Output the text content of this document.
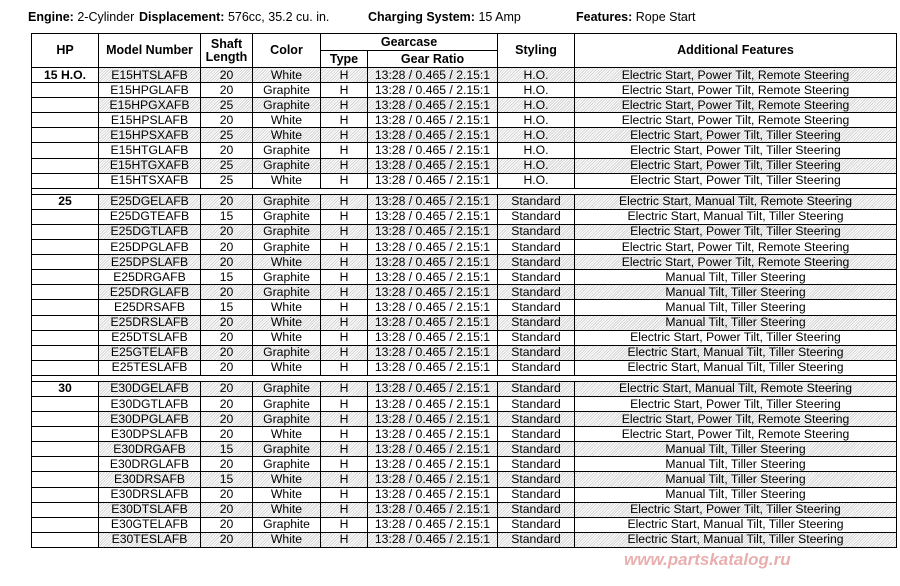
Engine: 2-Cylinder Displacement: 576cc, 35.2 cu. in.	Charging System: 15 Amp	Features: Rope Start
HP	Model Number	Shaft
Length	Color	Gearcase		Styling	Additional Features
				Type	Gear Ratio		
15 H.O.	E15HTSLAFB	20	White	H	13:28 / 0.465 / 2.15:1	H.O.	Electric Start, Power Tilt, Remote Steering
	E15HPGLAFB	20	Graphite	H	13:28 / 0.465 / 2.15:1	H.O.	Electric Start, Power Tilt, Remote Steering
	E15HPGXAFB	25	Graphite	H	13:28 / 0.465 / 2.15:1	H.O.	Electric Start, Power Tilt, Remote Steering
	E15HPSLAFB	20	White	H	13:28 / 0.465 / 2.15:1	H.O.	Electric Start, Power Tilt, Remote Steering
	E15HPSXAFB	25	White	H	13:28 / 0.465 / 2.15:1	H.O.	Electric Start, Power Tilt, Tiller Steering
	E15HTGLAFB	20	Graphite	H	13:28 / 0.465 / 2.15:1	H.O.	Electric Start, Power Tilt, Tiller Steering
	E15HTGXAFB	25	Graphite	H	13:28 / 0.465 / 2.15:1	H.O.	Electric Start, Power Tilt, Tiller Steering
	E15HTSXAFB	25	White	H	13:28 / 0.465 / 2.15:1	H.O.	Electric Start, Power Tilt, Tiller Steering

25	E25DGELAFB	20	Graphite	H	13:28 / 0.465 / 2.15:1	Standard	Electric Start, Manual Tilt, Remote Steering
	E25DGTEAFB	15	Graphite	H	13:28 / 0.465 / 2.15:1	Standard	Electric Start, Manual Tilt, Tiller Steering
	E25DGTLAFB	20	Graphite	H	13:28 / 0.465 / 2.15:1	Standard	Electric Start, Power Tilt, Tiller Steering
	E25DPGLAFB	20	Graphite	H	13:28 / 0.465 / 2.15:1	Standard	Electric Start, Power Tilt, Remote Steering
	E25DPSLAFB	20	White	H	13:28 / 0.465 / 2.15:1	Standard	Electric Start, Power Tilt, Remote Steering
	E25DRGAFB	15	Graphite	H	13:28 / 0.465 / 2.15:1	Standard	Manual Tilt, Tiller Steering
	E25DRGLAFB	20	Graphite	H	13:28 / 0.465 / 2.15:1	Standard	Manual Tilt, Tiller Steering
	E25DRSAFB	15	White	H	13:28 / 0.465 / 2.15:1	Standard	Manual Tilt, Tiller Steering
	E25DRSLAFB	20	White	H	13:28 / 0.465 / 2.15:1	Standard	Manual Tilt, Tiller Steering
	E25DTSLAFB	20	White	H	13:28 / 0.465 / 2.15:1	Standard	Electric Start, Power Tilt, Tiller Steering
	E25GTELAFB	20	Graphite	H	13:28 / 0.465 / 2.15:1	Standard	Electric Start, Manual Tilt, Tiller Steering
	E25TESLAFB	20	White	H	13:28 / 0.465 / 2.15:1	Standard	Electric Start, Manual Tilt, Tiller Steering

30	E30DGELAFB	20	Graphite	H	13:28 / 0.465 / 2.15:1	Standard	Electric Start, Manual Tilt, Remote Steering
	E30DGTLAFB	20	Graphite	H	13:28 / 0.465 / 2.15:1	Standard	Electric Start, Power Tilt, Tiller Steering
	E30DPGLAFB	20	Graphite	H	13:28 / 0.465 / 2.15:1	Standard	Electric Start, Power Tilt, Remote Steering
	E30DPSLAFB	20	White	H	13:28 / 0.465 / 2.15:1	Standard	Electric Start, Power Tilt, Remote Steering
	E30DRGAFB	15	Graphite	H	13:28 / 0.465 / 2.15:1	Standard	Manual Tilt, Tiller Steering
	E30DRGLAFB	20	Graphite	H	13:28 / 0.465 / 2.15:1	Standard	Manual Tilt, Tiller Steering
	E30DRSAFB	15	White	H	13:28 / 0.465 / 2.15:1	Standard	Manual Tilt, Tiller Steering
	E30DRSLAFB	20	White	H	13:28 / 0.465 / 2.15:1	Standard	Manual Tilt, Tiller Steering
	E30DTSLAFB	20	White	H	13:28 / 0.465 / 2.15:1	Standard	Electric Start, Power Tilt, Tiller Steering
	E30GTELAFB	20	Graphite	H	13:28 / 0.465 / 2.15:1	Standard	Electric Start, Manual Tilt, Tiller Steering
	E30TESLAFB	20	White	H	13:28 / 0.465 / 2.15:1	Standard	Electric Start, Manual Tilt, Tiller Steering
www.partskatalog.ru
